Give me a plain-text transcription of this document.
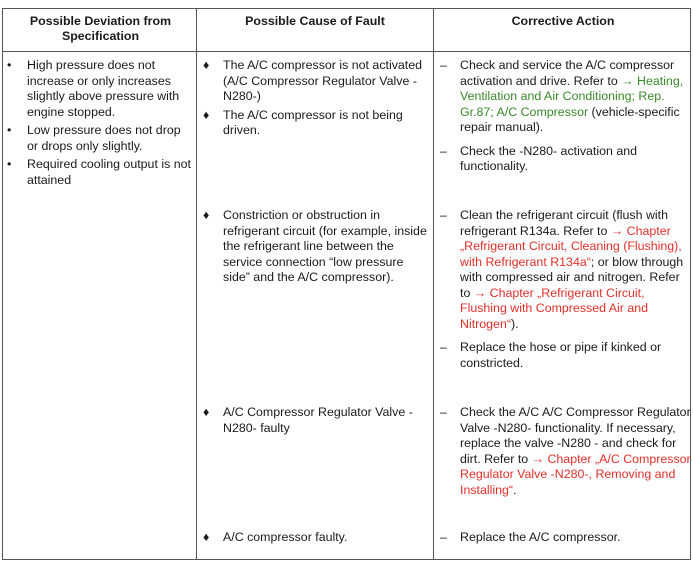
Possible Deviation from Specification
Possible Cause of Fault	Corrective Action
• High pressure does not increase or only increases slightly above pressure with engine stopped.
• Low pressure does not drop or drops only slightly.
• Required cooling output is not attained
♦ The A/C compressor is not activated (A/C Compressor Regulator Valve -N280-)
♦ The A/C compressor is not being driven.
♦ Constriction or obstruction in refrigerant circuit (for example, inside the refrigerant line between the service connection “low pressure side” and the A/C compressor).
♦ A/C Compressor Regulator Valve -N280- faulty
♦ A/C compressor faulty.
– Check and service the A/C compressor activation and drive. Refer to → Heating, Ventilation and Air Conditioning; Rep. Gr.87; A/C Compressor (vehicle-specific repair manual).
– Check the -N280- activation and functionality.
– Clean the refrigerant circuit (flush with refrigerant R134a. Refer to → Chapter „Refrigerant Circuit, Cleaning (Flushing), with Refrigerant R134a“; or blow through with compressed air and nitrogen. Refer to → Chapter „Refrigerant Circuit, Flushing with Compressed Air and Nitrogen“).
– Replace the hose or pipe if kinked or constricted.
– Check the A/C A/C Compressor Regulator Valve -N280- functionality. If necessary, replace the valve -N280 - and check for dirt. Refer to → Chapter „A/C Compressor Regulator Valve -N280-, Removing and Installing“.
– Replace the A/C compressor.
